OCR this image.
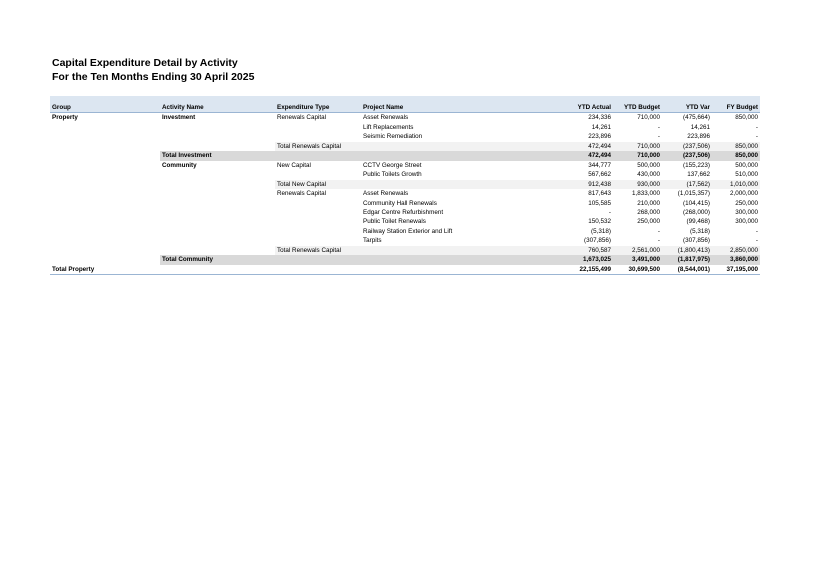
Capital Expenditure Detail by Activity
For the Ten Months Ending 30 April 2025

Group	Activity Name	Expenditure Type	Project Name	YTD Actual	YTD Budget	YTD Var	FY Budget
Property	Investment	Renewals Capital	Asset Renewals	234,336	710,000	(475,664)	850,000
			Lift Replacements	14,261	-	14,261	-
			Seismic Remediation	223,896	-	223,896	-
		Total Renewals Capital		472,494	710,000	(237,506)	850,000
	Total Investment			472,494	710,000	(237,506)	850,000
	Community	New Capital	CCTV George Street	344,777	500,000	(155,223)	500,000
			Public Toilets Growth	567,662	430,000	137,662	510,000
		Total New Capital		912,438	930,000	(17,562)	1,010,000
		Renewals Capital	Asset Renewals	817,643	1,833,000	(1,015,357)	2,000,000
			Community Hall Renewals	105,585	210,000	(104,415)	250,000
			Edgar Centre Refurbishment	-	268,000	(268,000)	300,000
			Public Toilet Renewals	150,532	250,000	(99,468)	300,000
			Railway Station Exterior and Lift	(5,318)	-	(5,318)	-
			Tarpits	(307,856)	-	(307,856)	-
		Total Renewals Capital		760,587	2,561,000	(1,800,413)	2,850,000
	Total Community			1,673,025	3,491,000	(1,817,975)	3,860,000
Total Property				22,155,499	30,699,500	(8,544,001)	37,195,000
